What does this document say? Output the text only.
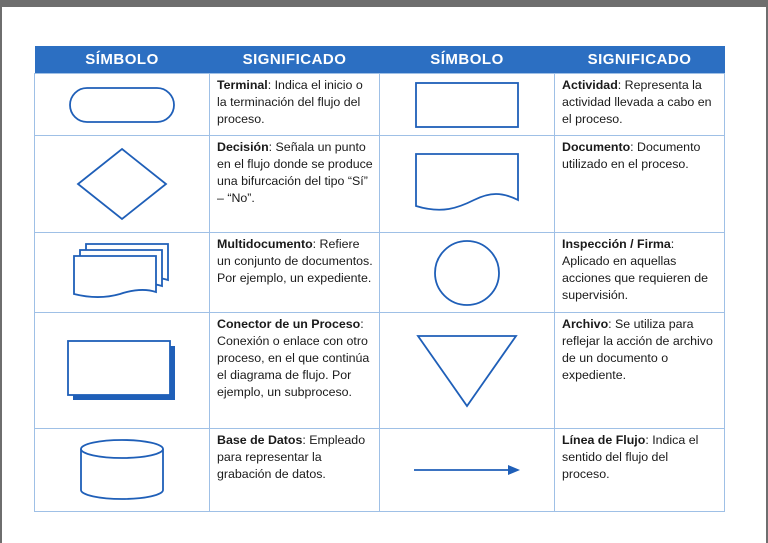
SÍMBOLO	SIGNIFICADO	SÍMBOLO	SIGNIFICADO

	Terminal: Indica el inicio o la terminación del flujo del proceso.		Actividad: Representa la actividad llevada a cabo en el proceso.

	Decisión: Señala un punto en el flujo donde se produce una bifurcación del tipo “Sí” – “No”.		Documento: Documento utilizado en el proceso.

	Multidocumento: Refiere un conjunto de documentos. Por ejemplo, un expediente.		Inspección / Firma: Aplicado en aquellas acciones que requieren de supervisión.

	Conector de un Proceso: Conexión o enlace con otro proceso, en el que continúa el diagrama de flujo. Por ejemplo, un subproceso.		Archivo: Se utiliza para reflejar la acción de archivo de un documento o expediente.

	Base de Datos: Empleado para representar la grabación de datos.		Línea de Flujo: Indica el sentido del flujo del proceso.
